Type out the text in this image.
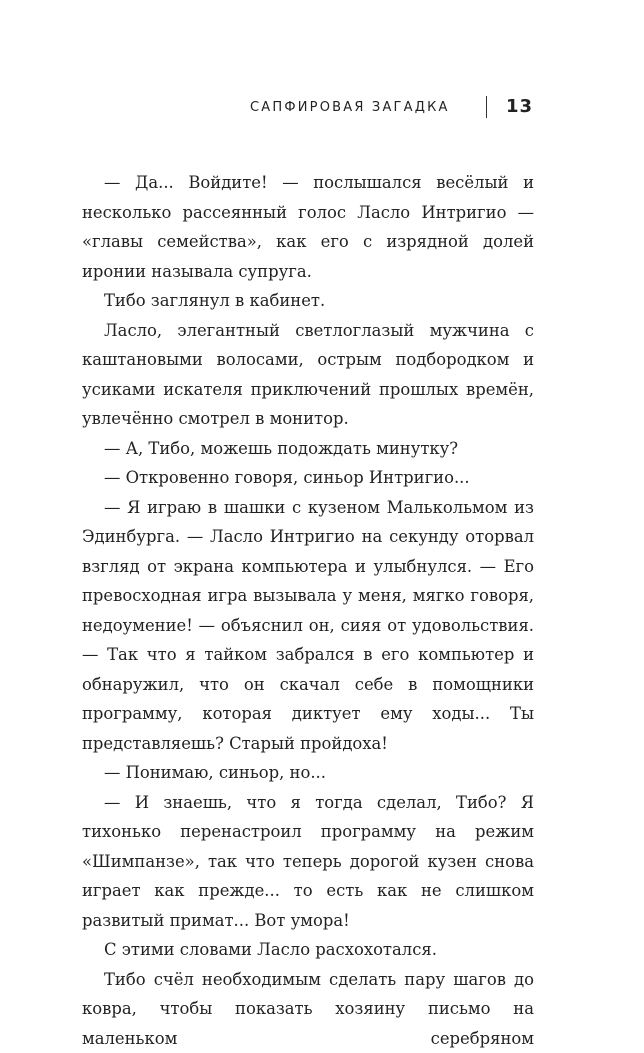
САПФИРОВАЯ ЗАГАДКА	13

— Да... Войдите! — послышался весёлый и несколько рассеянный голос Ласло Интригио — «главы семейства», как его с изрядной долей иронии называла супруга.

Тибо заглянул в кабинет.

Ласло, элегантный светлоглазый мужчина с каштановыми волосами, острым подбородком и усиками искателя приключений прошлых времён, увлечённо смотрел в монитор.

— А, Тибо, можешь подождать минутку?

— Откровенно говоря, синьор Интригио...

— Я играю в шашки с кузеном Малькольмом из Эдинбурга. — Ласло Интригио на секунду оторвал взгляд от экрана компьютера и улыбнулся. — Его превосходная игра вызывала у меня, мягко говоря, недоумение! — объяснил он, сияя от удовольствия. — Так что я тайком забрался в его компьютер и обнаружил, что он скачал себе в помощники программу, которая диктует ему ходы... Ты представляешь? Старый пройдоха!

— Понимаю, синьор, но...

— И знаешь, что я тогда сделал, Тибо? Я тихонько перенастроил программу на режим «Шимпанзе», так что теперь дорогой кузен снова играет как прежде... то есть как не слишком развитый примат... Вот умора!

С этими словами Ласло расхохотался.

Тибо счёл необходимым сделать пару шагов до ковра, чтобы показать хозяину письмо на маленьком серебряном
